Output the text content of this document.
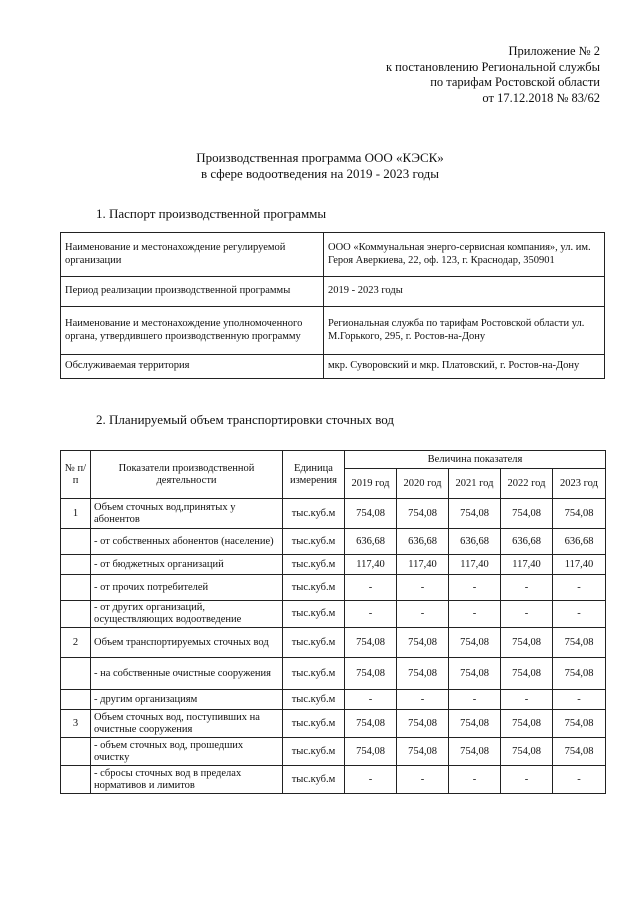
Приложение № 2
к постановлению Региональной службы
по тарифам Ростовской области
от 17.12.2018 № 83/62
Производственная программа ООО «КЭСК»
в сфере водоотведения на 2019 - 2023 годы
1. Паспорт производственной программы
Наименование и местонахождение регулируемой организации	ООО «Коммунальная энерго-сервисная компания», ул. им. Героя Аверкиева, 22, оф. 123, г. Краснодар, 350901
Период реализации производственной программы	2019 - 2023 годы
Наименование и местонахождение уполномоченного органа, утвердившего производственную программу	Региональная служба по тарифам Ростовской области ул. М.Горького, 295, г. Ростов-на-Дону
Обслуживаемая территория	мкр. Суворовский и мкр. Платовский, г. Ростов-на-Дону
2. Планируемый объем транспортировки сточных вод
№ п/п	Показатели производственной деятельности	Единица измерения	Величина показателя				
			2019 год	2020 год	2021 год	2022 год	2023 год
1	Объем сточных вод,принятых у абонентов	тыс.куб.м	754,08	754,08	754,08	754,08	754,08
	- от собственных абонентов (население)	тыс.куб.м	636,68	636,68	636,68	636,68	636,68
	- от бюджетных организаций	тыс.куб.м	117,40	117,40	117,40	117,40	117,40
	- от прочих потребителей	тыс.куб.м	-	-	-	-	-
	- от других организаций, осуществляющих водоотведение	тыс.куб.м	-	-	-	-	-
2	Объем транспортируемых сточных вод	тыс.куб.м	754,08	754,08	754,08	754,08	754,08
	- на собственные очистные сооружения	тыс.куб.м	754,08	754,08	754,08	754,08	754,08
	- другим организациям	тыс.куб.м	-	-	-	-	-
3	Объем сточных вод, поступивших на очистные сооружения	тыс.куб.м	754,08	754,08	754,08	754,08	754,08
	- объем сточных вод, прошедших очистку	тыс.куб.м	754,08	754,08	754,08	754,08	754,08
	- сбросы сточных вод в пределах нормативов и лимитов	тыс.куб.м	-	-	-	-	-
